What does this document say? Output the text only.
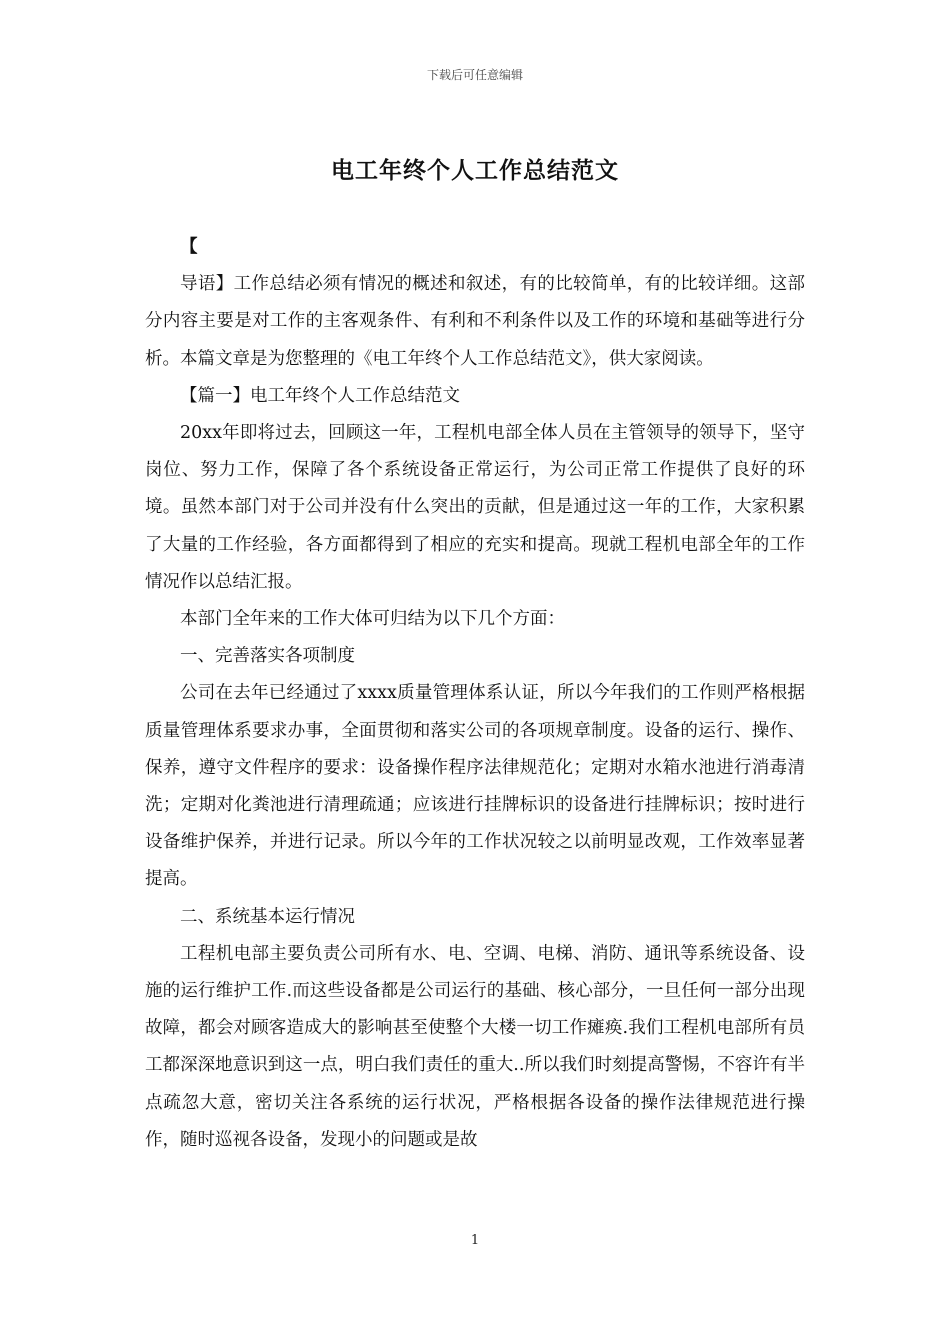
下载后可任意编辑
电工年终个人工作总结范文

【

导语】工作总结必须有情况的概述和叙述，有的比较简单，有的比较详细。这部分内容主要是对工作的主客观条件、有利和不利条件以及工作的环境和基础等进行分析。本篇文章是为您整理的《电工年终个人工作总结范文》，供大家阅读。

【篇一】电工年终个人工作总结范文

20xx年即将过去，回顾这一年，工程机电部全体人员在主管领导的领导下，坚守岗位、努力工作，保障了各个系统设备正常运行，为公司正常工作提供了良好的环境。虽然本部门对于公司并没有什么突出的贡献，但是通过这一年的工作，大家积累了大量的工作经验，各方面都得到了相应的充实和提高。现就工程机电部全年的工作情况作以总结汇报。

本部门全年来的工作大体可归结为以下几个方面：

一、完善落实各项制度

公司在去年已经通过了xxxx质量管理体系认证，所以今年我们的工作则严格根据质量管理体系要求办事，全面贯彻和落实公司的各项规章制度。设备的运行、操作、保养，遵守文件程序的要求：设备操作程序法律规范化；定期对水箱水池进行消毒清洗；定期对化粪池进行清理疏通；应该进行挂牌标识的设备进行挂牌标识；按时进行设备维护保养，并进行记录。所以今年的工作状况较之以前明显改观，工作效率显著提高。

二、系统基本运行情况

工程机电部主要负责公司所有水、电、空调、电梯、消防、通讯等系统设备、设施的运行维护工作.而这些设备都是公司运行的基础、核心部分，一旦任何一部分出现故障，都会对顾客造成大的影响甚至使整个大楼一切工作瘫痪.我们工程机电部所有员工都深深地意识到这一点，明白我们责任的重大..所以我们时刻提高警惕，不容许有半点疏忽大意，密切关注各系统的运行状况，严格根据各设备的操作法律规范进行操作，随时巡视各设备，发现小的问题或是故

1
